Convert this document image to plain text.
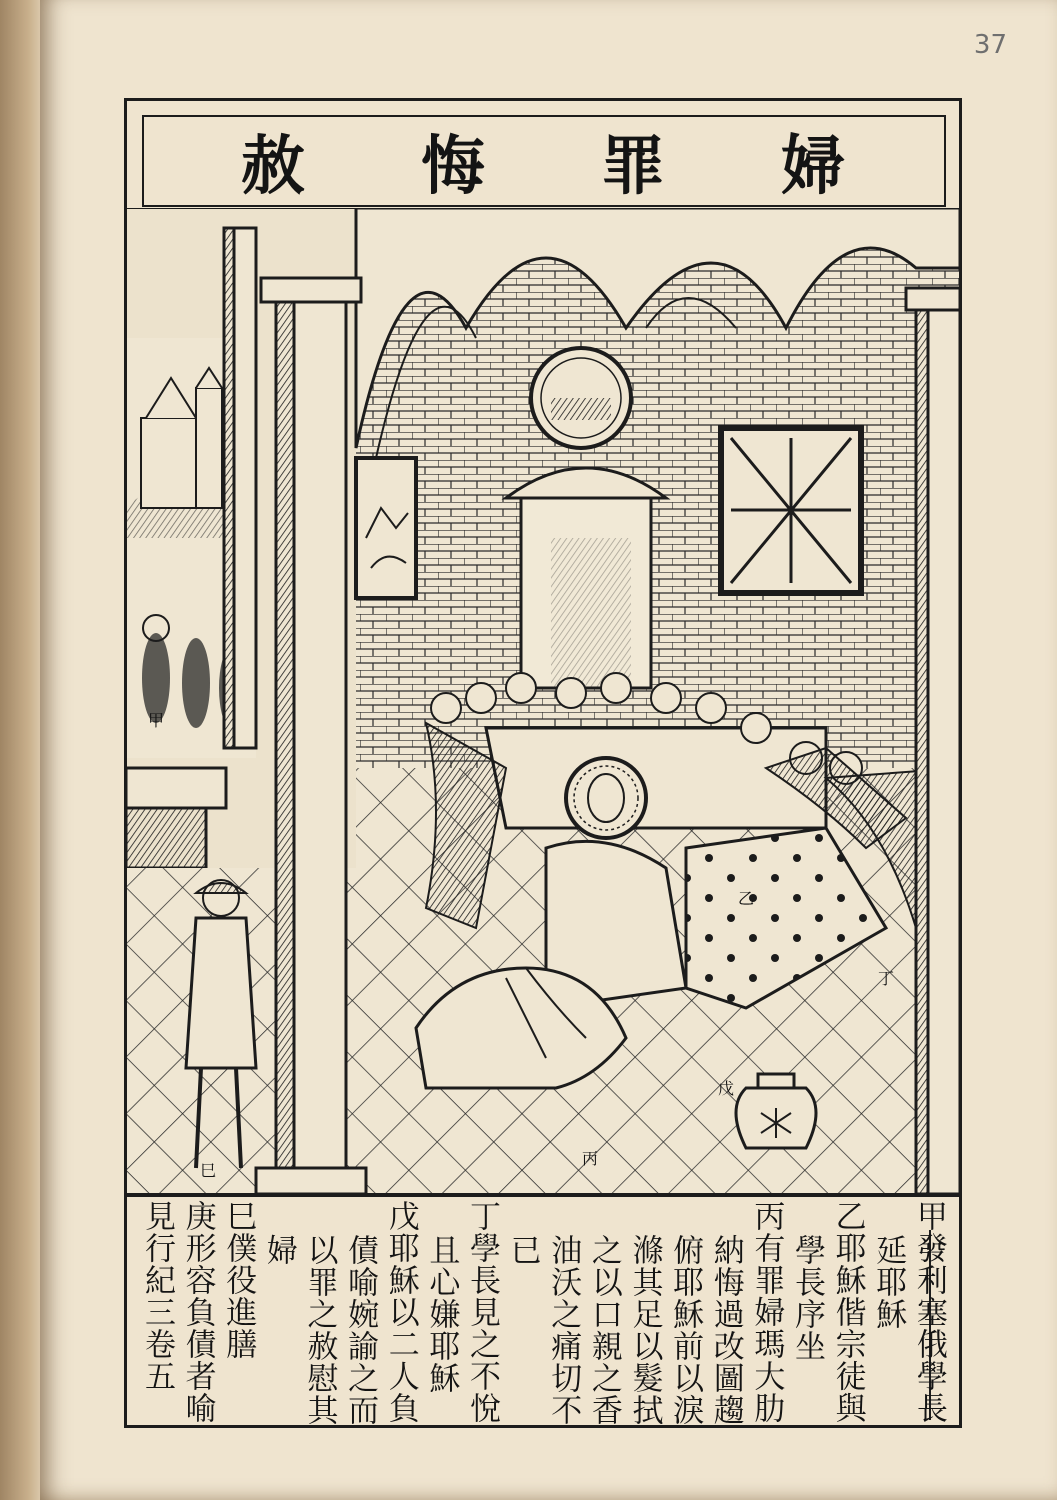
37
赦 悔 罪 婦
甲
乙
丙
丁
戊
巳
甲發利塞俄學長
延耶穌
乙耶穌偕宗徒與
學長序坐
丙有罪婦瑪大肋
納悔過改圖趨
俯耶穌前以淚
滌其足以髮拭
之以口親之香
油沃之痛切不
已
丁學長見之不悅
且心嫌耶穌
戊耶穌以二人負
債喻婉諭之而
以罪之赦慰其
婦
巳僕役進膳
庚形容負債者喻
見行紀三卷五
